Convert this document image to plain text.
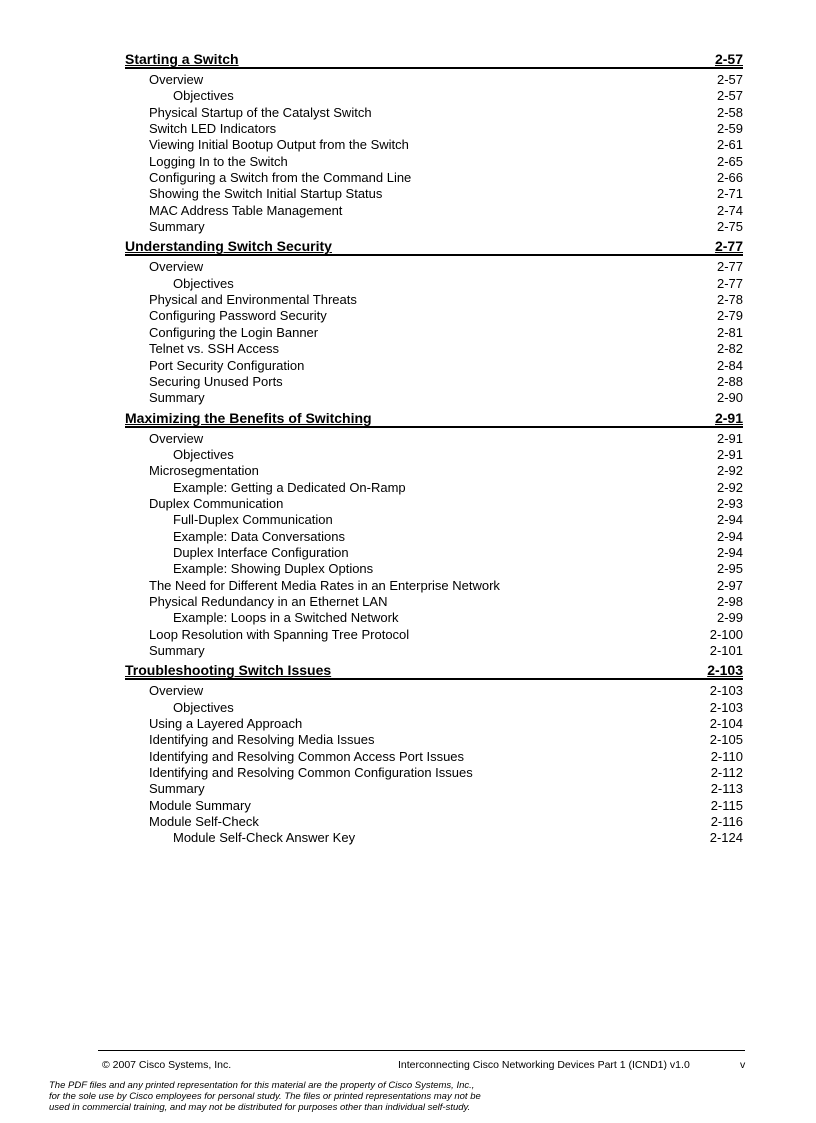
Starting a Switch	2-57
Overview	2-57
Objectives	2-57
Physical Startup of the Catalyst Switch	2-58
Switch LED Indicators	2-59
Viewing Initial Bootup Output from the Switch	2-61
Logging In to the Switch	2-65
Configuring a Switch from the Command Line	2-66
Showing the Switch Initial Startup Status	2-71
MAC Address Table Management	2-74
Summary	2-75
Understanding Switch Security	2-77
Overview	2-77
Objectives	2-77
Physical and Environmental Threats	2-78
Configuring Password Security	2-79
Configuring the Login Banner	2-81
Telnet vs. SSH Access	2-82
Port Security Configuration	2-84
Securing Unused Ports	2-88
Summary	2-90
Maximizing the Benefits of Switching	2-91
Overview	2-91
Objectives	2-91
Microsegmentation	2-92
Example: Getting a Dedicated On-Ramp	2-92
Duplex Communication	2-93
Full-Duplex Communication	2-94
Example: Data Conversations	2-94
Duplex Interface Configuration	2-94
Example: Showing Duplex Options	2-95
The Need for Different Media Rates in an Enterprise Network	2-97
Physical Redundancy in an Ethernet LAN	2-98
Example: Loops in a Switched Network	2-99
Loop Resolution with Spanning Tree Protocol	2-100
Summary	2-101
Troubleshooting Switch Issues	2-103
Overview	2-103
Objectives	2-103
Using a Layered Approach	2-104
Identifying and Resolving Media Issues	2-105
Identifying and Resolving Common Access Port Issues	2-110
Identifying and Resolving Common Configuration Issues	2-112
Summary	2-113
Module Summary	2-115
Module Self-Check	2-116
Module Self-Check Answer Key	2-124
© 2007 Cisco Systems, Inc.	Interconnecting Cisco Networking Devices Part 1 (ICND1) v1.0	v
The PDF files and any printed representation for this material are the property of Cisco Systems, Inc.,
for the sole use by Cisco employees for personal study. The files or printed representations may not be
used in commercial training, and may not be distributed for purposes other than individual self-study.
